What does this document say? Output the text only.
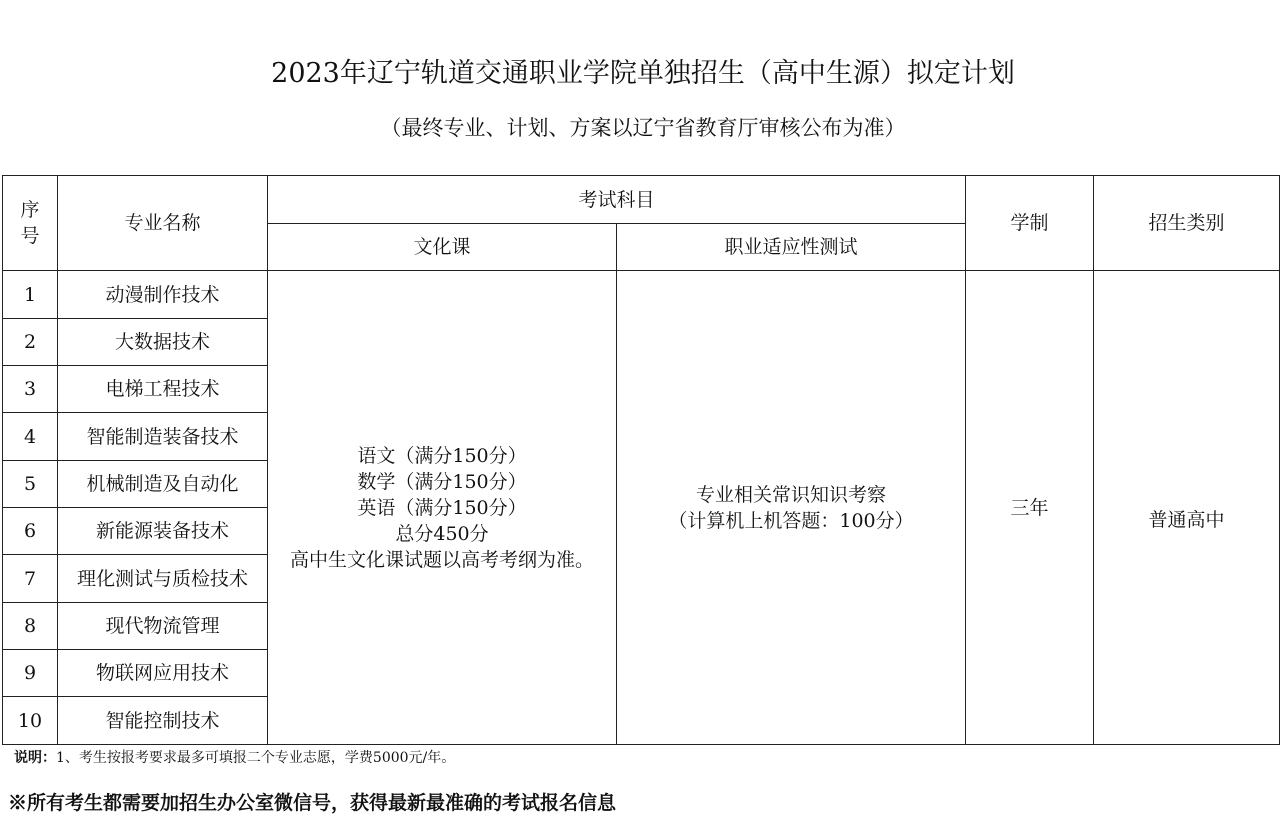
2023年辽宁轨道交通职业学院单独招生（高中生源）拟定计划
（最终专业、计划、方案以辽宁省教育厅审核公布为准）
序
号	专业名称	考试科目		学制	招生类别
		文化课	职业适应性测试		
1	动漫制作技术	语文（满分150分）
数学（满分150分）
英语（满分150分）
总分450分
高中生文化课试题以高考考纲为准。	专业相关常识知识考察
（计算机上机答题：100分）	三年	普通高中
2	大数据技术				
3	电梯工程技术				
4	智能制造装备技术				
5	机械制造及自动化				
6	新能源装备技术				
7	理化测试与质检技术				
8	现代物流管理				
9	物联网应用技术				
10	智能控制技术				
说明：1、考生按报考要求最多可填报二个专业志愿，学费5000元/年。
※所有考生都需要加招生办公室微信号，获得最新最准确的考试报名信息
